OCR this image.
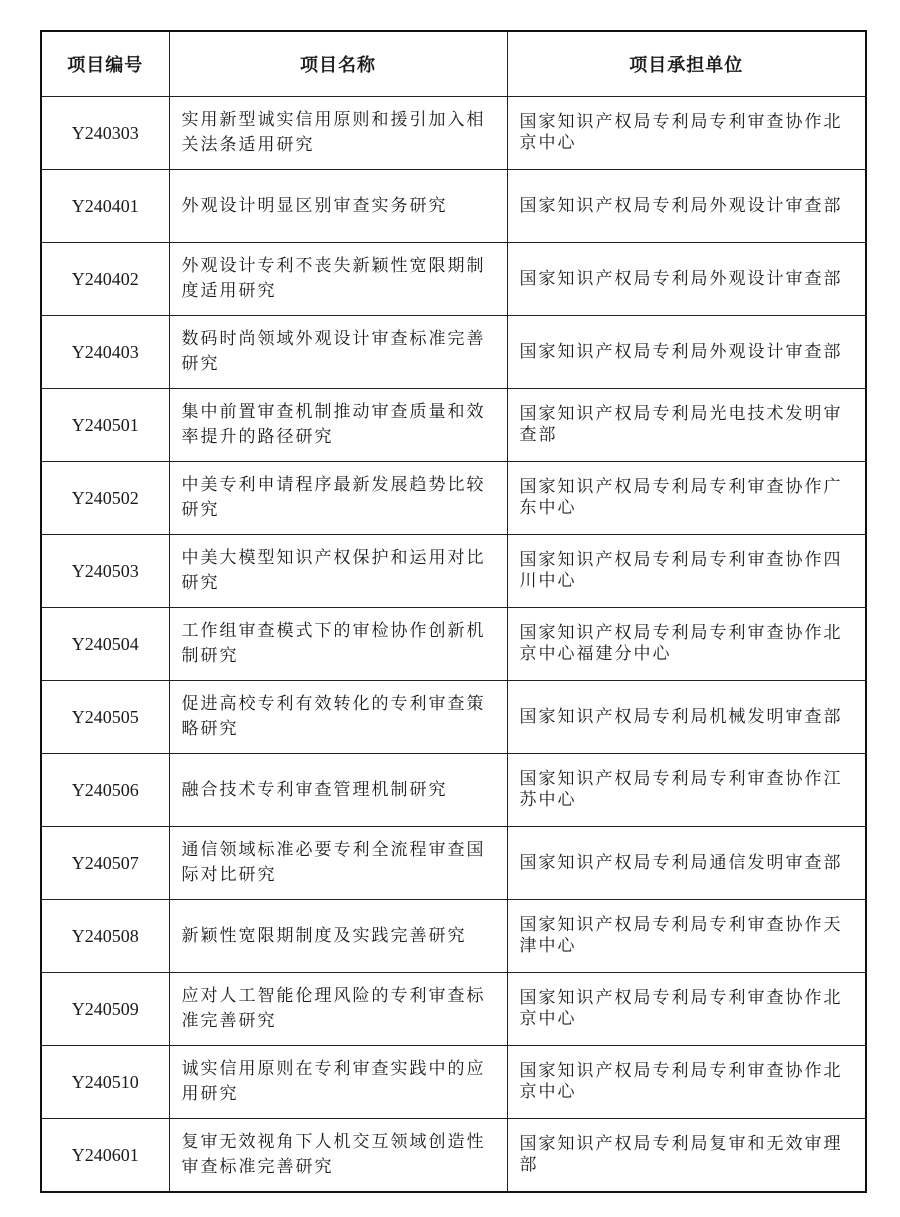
项目编号	项目名称	项目承担单位
Y240303	实用新型诚实信用原则和援引加入相关法条适用研究	国家知识产权局专利局专利审查协作北京中心
Y240401	外观设计明显区别审查实务研究	国家知识产权局专利局外观设计审查部
Y240402	外观设计专利不丧失新颖性宽限期制度适用研究	国家知识产权局专利局外观设计审查部
Y240403	数码时尚领域外观设计审查标准完善研究	国家知识产权局专利局外观设计审查部
Y240501	集中前置审查机制推动审查质量和效率提升的路径研究	国家知识产权局专利局光电技术发明审查部
Y240502	中美专利申请程序最新发展趋势比较研究	国家知识产权局专利局专利审查协作广东中心
Y240503	中美大模型知识产权保护和运用对比研究	国家知识产权局专利局专利审查协作四川中心
Y240504	工作组审查模式下的审检协作创新机制研究	国家知识产权局专利局专利审查协作北京中心福建分中心
Y240505	促进高校专利有效转化的专利审查策略研究	国家知识产权局专利局机械发明审查部
Y240506	融合技术专利审查管理机制研究	国家知识产权局专利局专利审查协作江苏中心
Y240507	通信领域标准必要专利全流程审查国际对比研究	国家知识产权局专利局通信发明审查部
Y240508	新颖性宽限期制度及实践完善研究	国家知识产权局专利局专利审查协作天津中心
Y240509	应对人工智能伦理风险的专利审查标准完善研究	国家知识产权局专利局专利审查协作北京中心
Y240510	诚实信用原则在专利审查实践中的应用研究	国家知识产权局专利局专利审查协作北京中心
Y240601	复审无效视角下人机交互领域创造性审查标准完善研究	国家知识产权局专利局复审和无效审理部
